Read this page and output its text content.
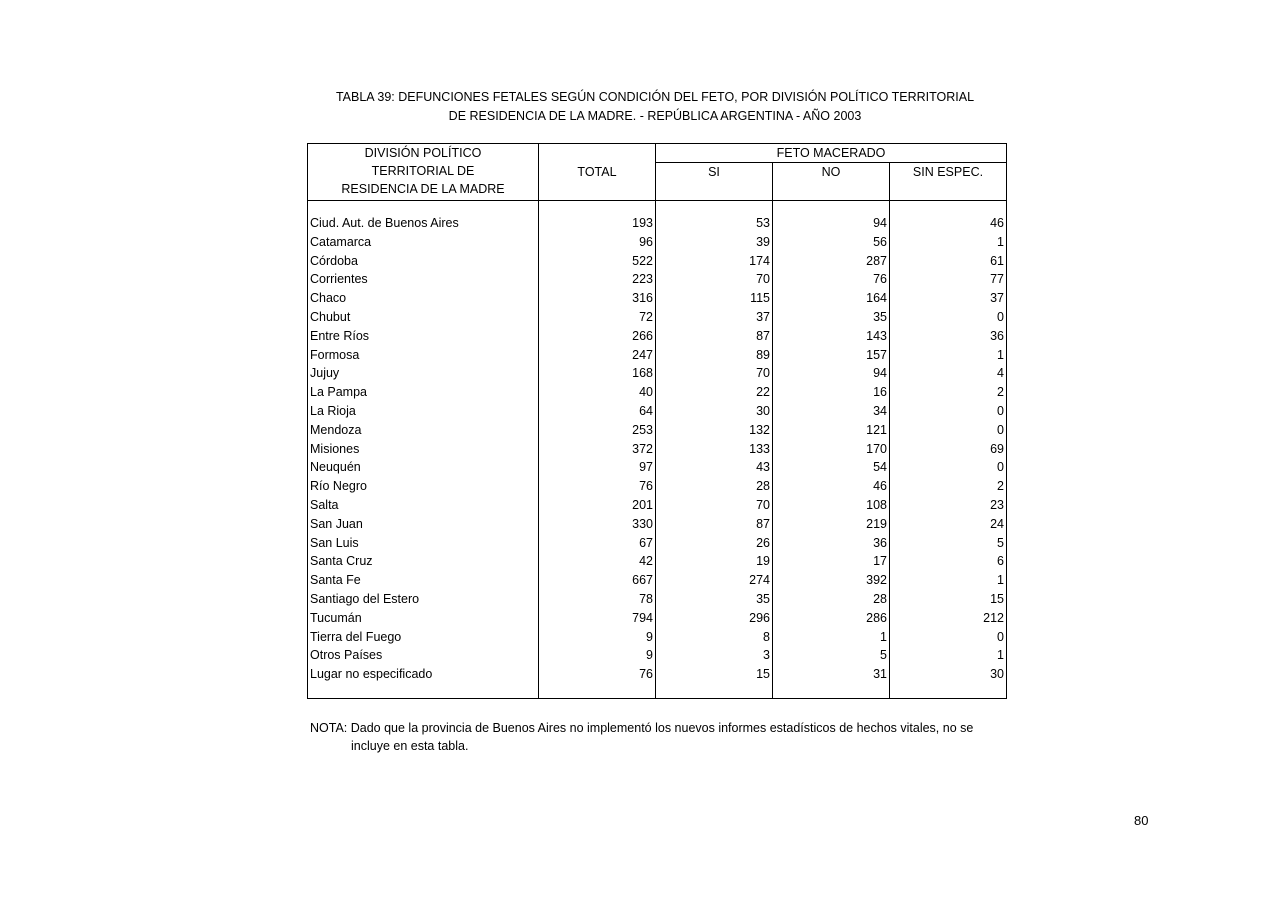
TABLA 39: DEFUNCIONES FETALES SEGÚN CONDICIÓN DEL FETO, POR DIVISIÓN POLÍTICO TERRITORIAL
DE RESIDENCIA DE LA MADRE. - REPÚBLICA ARGENTINA - AÑO 2003
DIVISIÓN POLÍTICO
TERRITORIAL DE
RESIDENCIA DE LA MADRE	TOTAL	FETO MACERADO		
		SI	NO	SIN ESPEC.

Ciud. Aut. de Buenos Aires	193	53	94	46
Catamarca	96	39	56	1
Córdoba	522	174	287	61
Corrientes	223	70	76	77
Chaco	316	115	164	37
Chubut	72	37	35	0
Entre Ríos	266	87	143	36
Formosa	247	89	157	1
Jujuy	168	70	94	4
La Pampa	40	22	16	2
La Rioja	64	30	34	0
Mendoza	253	132	121	0
Misiones	372	133	170	69
Neuquén	97	43	54	0
Río Negro	76	28	46	2
Salta	201	70	108	23
San Juan	330	87	219	24
San Luis	67	26	36	5
Santa Cruz	42	19	17	6
Santa Fe	667	274	392	1
Santiago del Estero	78	35	28	15
Tucumán	794	296	286	212
Tierra del Fuego	9	8	1	0
Otros Países	9	3	5	1
Lugar no especificado	76	15	31	30

NOTA: Dado que la provincia de Buenos Aires no implementó los nuevos informes estadísticos de hechos vitales, no se
incluye en esta tabla.
80
